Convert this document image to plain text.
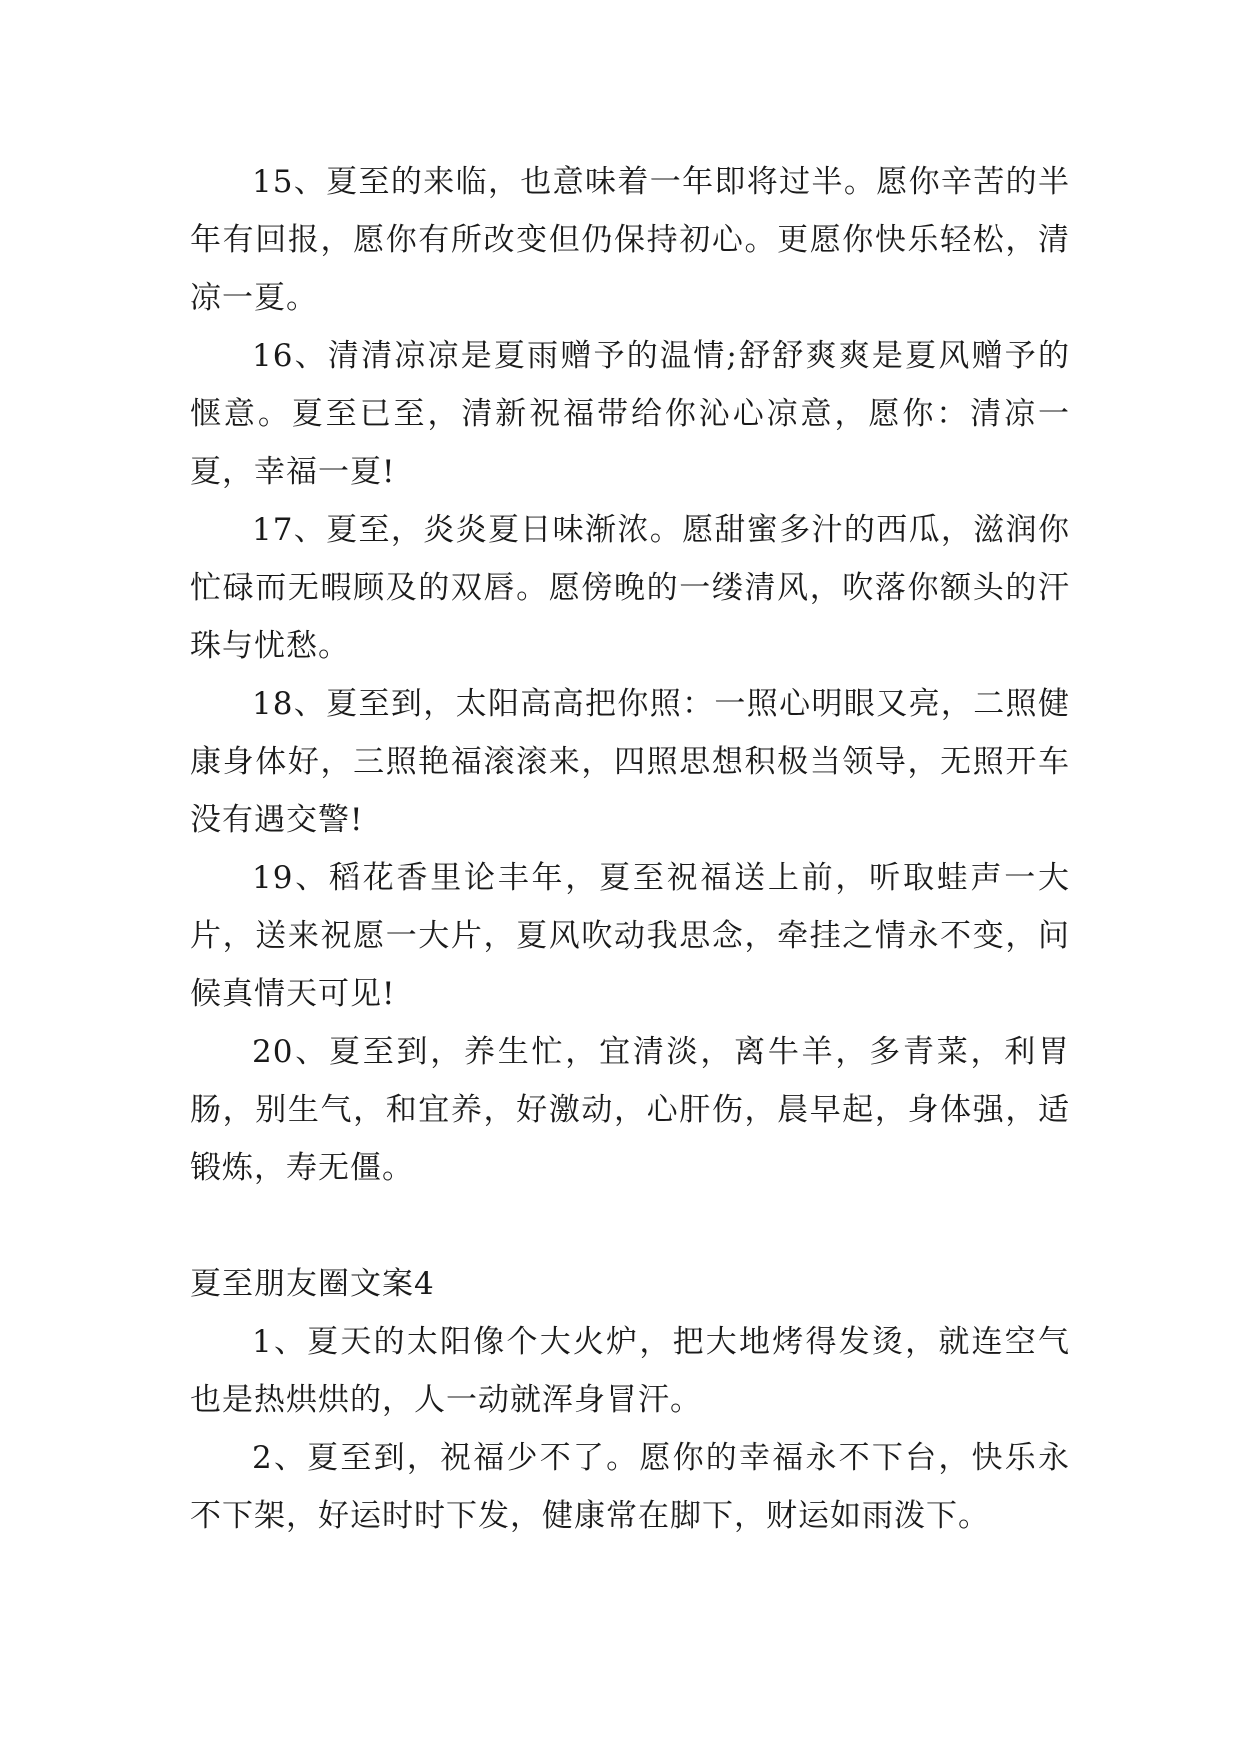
15、夏至的来临，也意味着一年即将过半。愿你辛苦的半年有回报，愿你有所改变但仍保持初心。更愿你快乐轻松，清凉一夏。

16、清清凉凉是夏雨赠予的温情;舒舒爽爽是夏风赠予的惬意。夏至已至，清新祝福带给你沁心凉意，愿你：清凉一夏，幸福一夏!

17、夏至，炎炎夏日味渐浓。愿甜蜜多汁的西瓜，滋润你忙碌而无暇顾及的双唇。愿傍晚的一缕清风，吹落你额头的汗珠与忧愁。

18、夏至到，太阳高高把你照：一照心明眼又亮，二照健康身体好，三照艳福滚滚来，四照思想积极当领导，无照开车没有遇交警!

19、稻花香里论丰年，夏至祝福送上前，听取蛙声一大片，送来祝愿一大片，夏风吹动我思念，牵挂之情永不变，问候真情天可见!

20、夏至到，养生忙，宜清淡，离牛羊，多青菜，利胃肠，别生气，和宜养，好激动，心肝伤，晨早起，身体强，适锻炼，寿无僵。

夏至朋友圈文案4

1、夏天的太阳像个大火炉，把大地烤得发烫，就连空气也是热烘烘的，人一动就浑身冒汗。

2、夏至到，祝福少不了。愿你的幸福永不下台，快乐永不下架，好运时时下发，健康常在脚下，财运如雨泼下。
